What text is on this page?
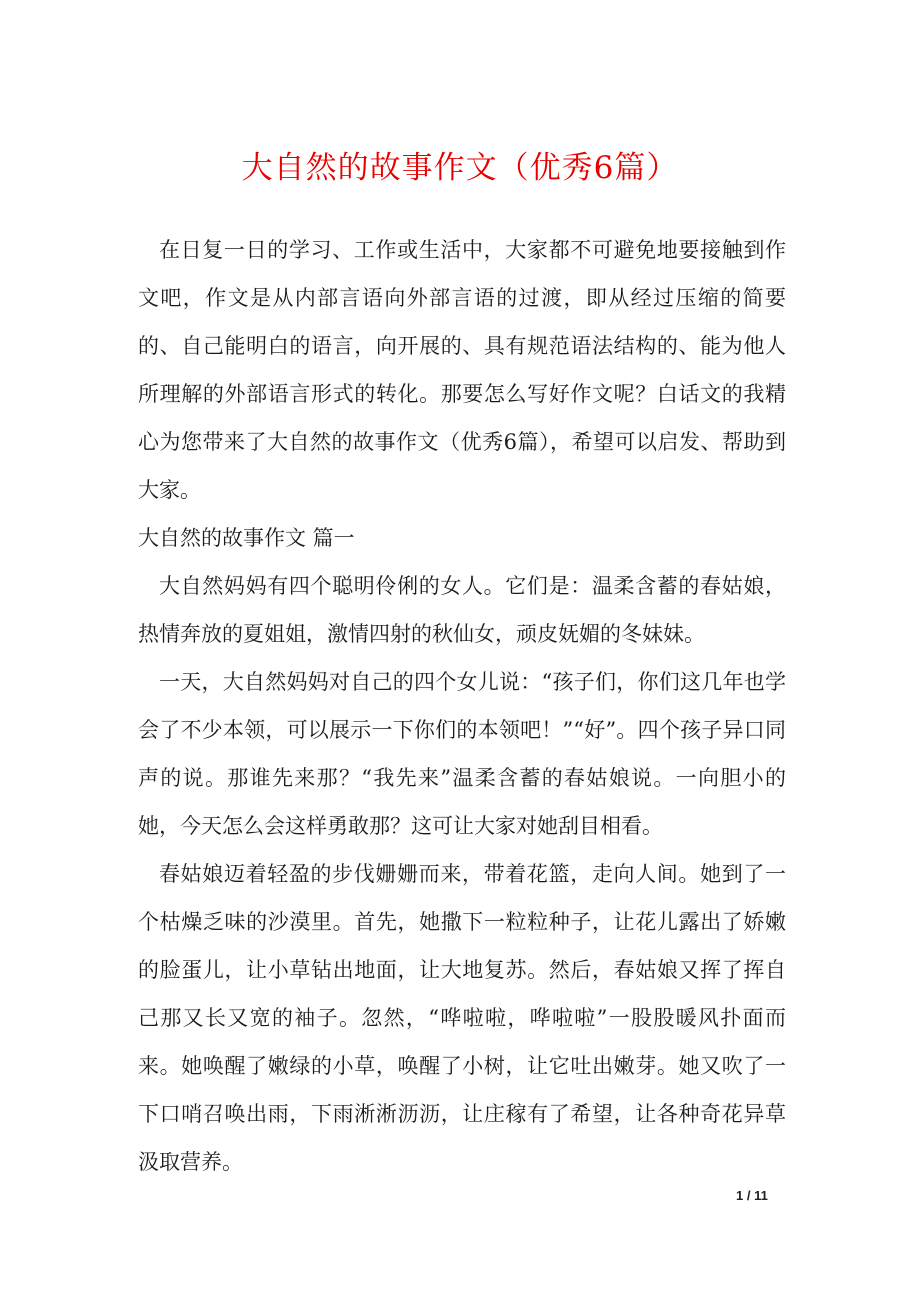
大自然的故事作文（优秀6篇）

在日复一日的学习、工作或生活中，大家都不可避免地要接触到作文吧，作文是从内部言语向外部言语的过渡，即从经过压缩的简要的、自己能明白的语言，向开展的、具有规范语法结构的、能为他人所理解的外部语言形式的转化。那要怎么写好作文呢？白话文的我精心为您带来了大自然的故事作文（优秀6篇），希望可以启发、帮助到大家。

大自然的故事作文 篇一

大自然妈妈有四个聪明伶俐的女人。它们是：温柔含蓄的春姑娘，热情奔放的夏姐姐，激情四射的秋仙女，顽皮妩媚的冬妹妹。

一天，大自然妈妈对自己的四个女儿说：“孩子们，你们这几年也学会了不少本领，可以展示一下你们的本领吧！”“好”。四个孩子异口同声的说。那谁先来那？“我先来”温柔含蓄的春姑娘说。一向胆小的她，今天怎么会这样勇敢那？这可让大家对她刮目相看。

春姑娘迈着轻盈的步伐姗姗而来，带着花篮，走向人间。她到了一个枯燥乏味的沙漠里。首先，她撒下一粒粒种子，让花儿露出了娇嫩的脸蛋儿，让小草钻出地面，让大地复苏。然后，春姑娘又挥了挥自己那又长又宽的袖子。忽然，“哗啦啦，哗啦啦”一股股暖风扑面而来。她唤醒了嫩绿的小草，唤醒了小树，让它吐出嫩芽。她又吹了一下口哨召唤出雨，下雨淅淅沥沥，让庄稼有了希望，让各种奇花异草汲取营养。

1 / 11
